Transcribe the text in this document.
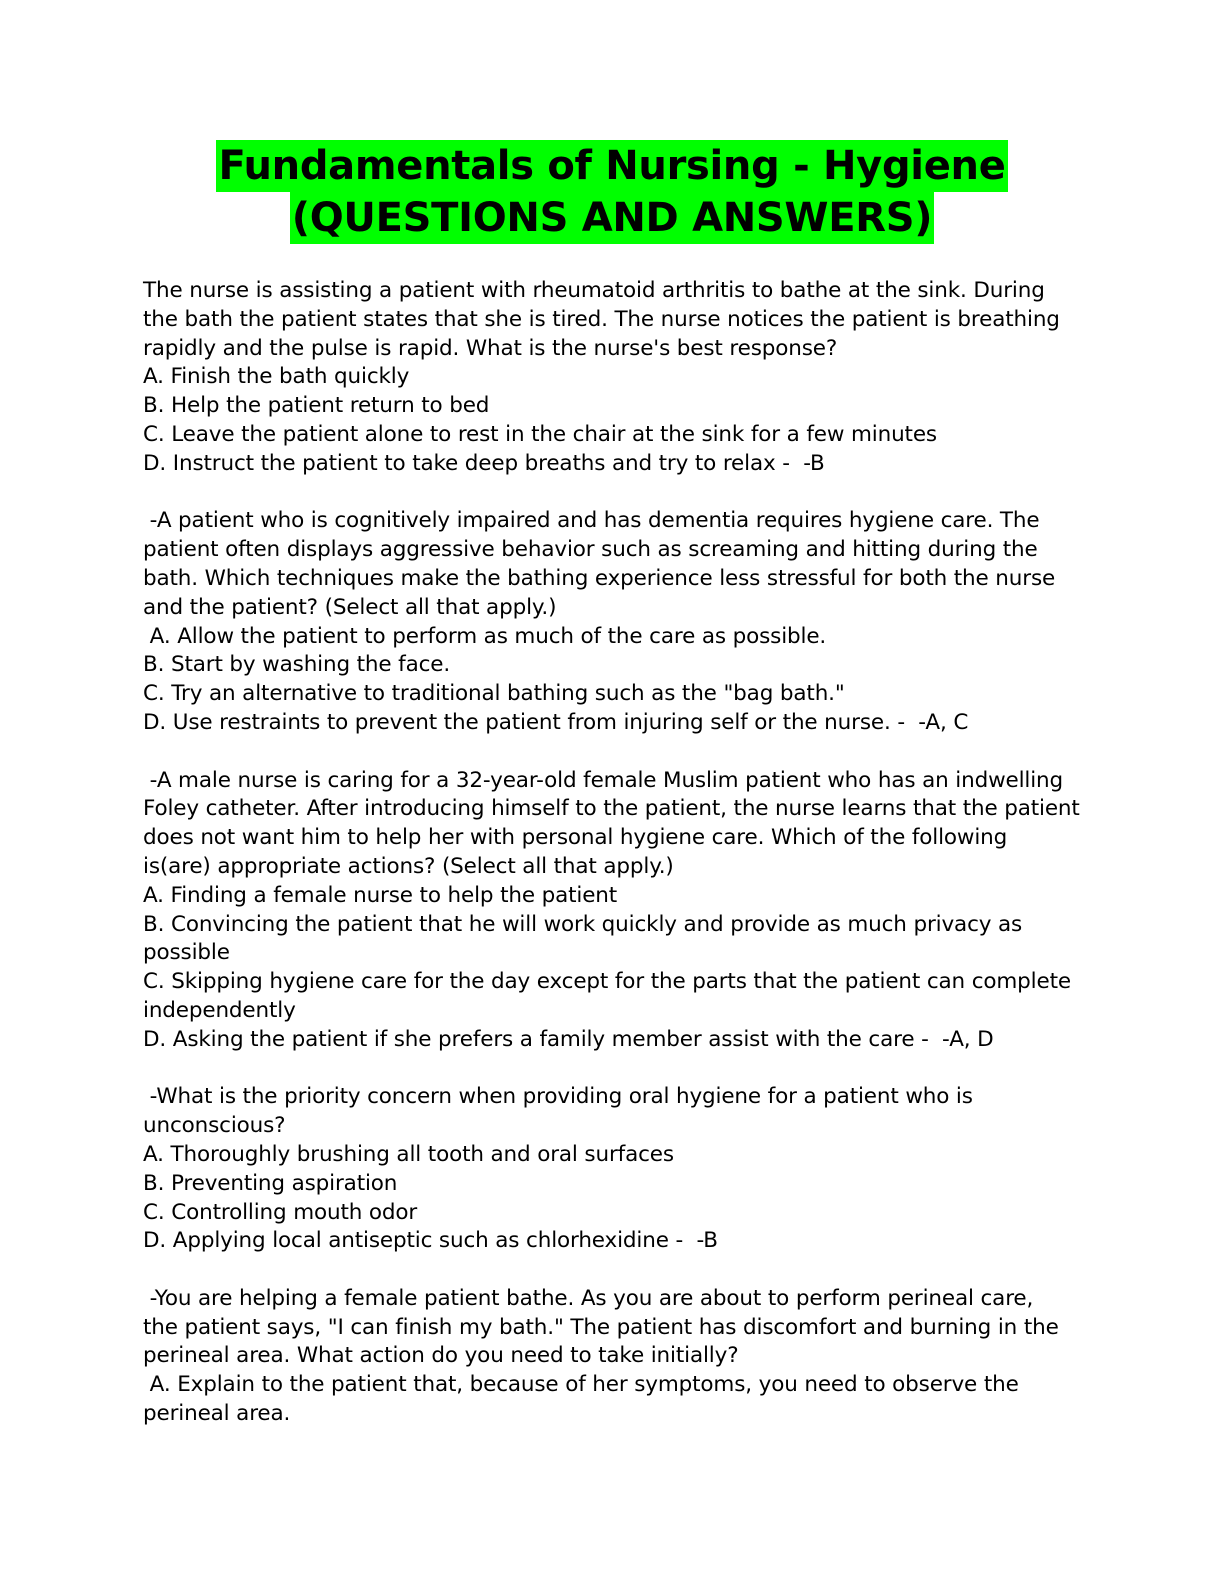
Fundamentals of Nursing - Hygiene
(QUESTIONS AND ANSWERS)
The nurse is assisting a patient with rheumatoid arthritis to bathe at the sink. During
the bath the patient states that she is tired. The nurse notices the patient is breathing
rapidly and the pulse is rapid. What is the nurse's best response?
A. Finish the bath quickly
B. Help the patient return to bed
C. Leave the patient alone to rest in the chair at the sink for a few minutes
D. Instruct the patient to take deep breaths and try to relax -  -B
-A patient who is cognitively impaired and has dementia requires hygiene care. The
patient often displays aggressive behavior such as screaming and hitting during the
bath. Which techniques make the bathing experience less stressful for both the nurse
and the patient? (Select all that apply.)
A. Allow the patient to perform as much of the care as possible.
B. Start by washing the face.
C. Try an alternative to traditional bathing such as the "bag bath."
D. Use restraints to prevent the patient from injuring self or the nurse. -  -A, C
-A male nurse is caring for a 32-year-old female Muslim patient who has an indwelling
Foley catheter. After introducing himself to the patient, the nurse learns that the patient
does not want him to help her with personal hygiene care. Which of the following
is(are) appropriate actions? (Select all that apply.)
A. Finding a female nurse to help the patient
B. Convincing the patient that he will work quickly and provide as much privacy as
possible
C. Skipping hygiene care for the day except for the parts that the patient can complete
independently
D. Asking the patient if she prefers a family member assist with the care -  -A, D
-What is the priority concern when providing oral hygiene for a patient who is
unconscious?
A. Thoroughly brushing all tooth and oral surfaces
B. Preventing aspiration
C. Controlling mouth odor
D. Applying local antiseptic such as chlorhexidine -  -B
-You are helping a female patient bathe. As you are about to perform perineal care,
the patient says, "I can finish my bath." The patient has discomfort and burning in the
perineal area. What action do you need to take initially?
A. Explain to the patient that, because of her symptoms, you need to observe the
perineal area.
